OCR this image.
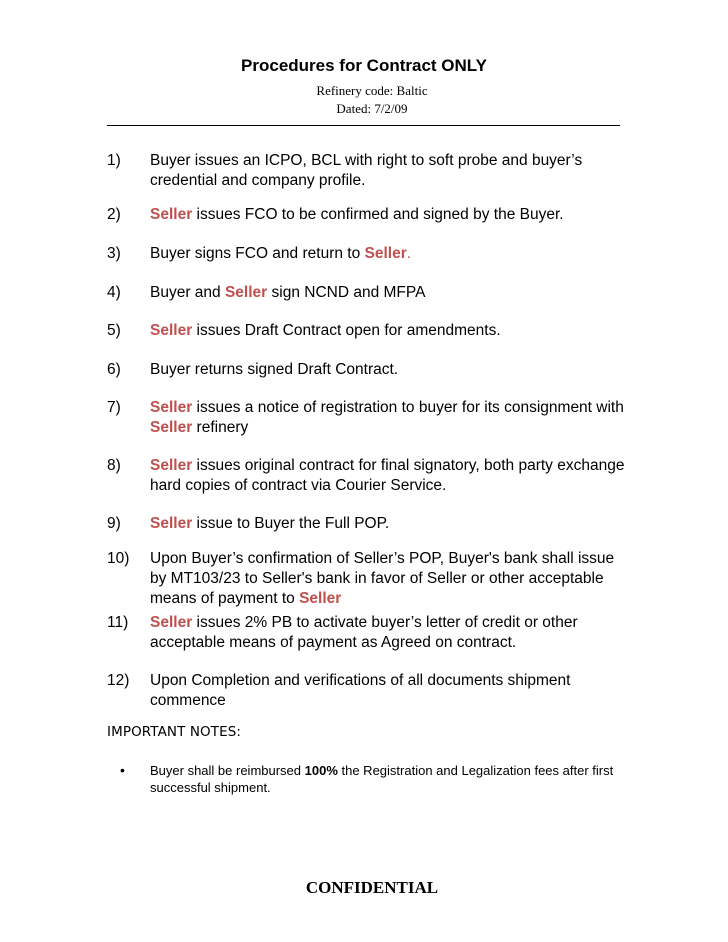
Procedures for Contract ONLY
Refinery code: Baltic
Dated: 7/2/09
1)	Buyer issues an ICPO, BCL with right to soft probe and buyer’s credential and company profile.
2)	Seller issues FCO to be confirmed and signed by the Buyer.
3)	Buyer signs FCO and return to Seller.
4)	Buyer and Seller sign NCND and MFPA
5)	Seller issues Draft Contract open for amendments.
6)	Buyer returns signed Draft Contract.
7)	Seller issues a notice of registration to buyer for its consignment with Seller refinery
8)	Seller issues original contract for final signatory, both party exchange hard copies of contract via Courier Service.
9)	Seller issue to Buyer the Full POP.
10)	Upon Buyer’s confirmation of Seller’s POP, Buyer's bank shall issue by MT103/23 to Seller's bank in favor of Seller or other acceptable means of payment to Seller
11)	Seller issues 2% PB to activate buyer’s letter of credit or other acceptable means of payment as Agreed on contract.
12)	Upon Completion and verifications of all documents shipment commence
IMPORTANT NOTES:
• Buyer shall be reimbursed 100% the Registration and Legalization fees after first successful shipment.
CONFIDENTIAL
